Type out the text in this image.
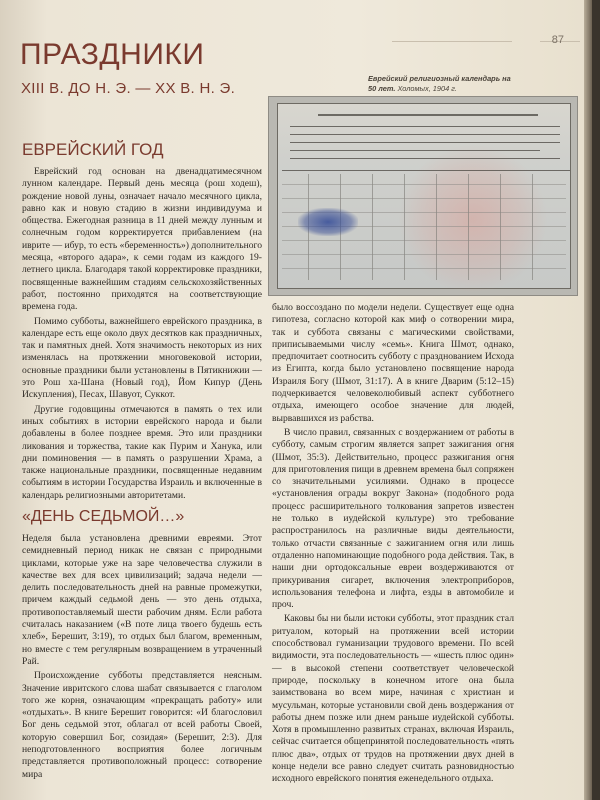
87
ПРАЗДНИКИ
XIII В. ДО Н. Э. — XX В. Н. Э.
Еврейский религиозный календарь на 50 лет. Холомых, 1904 г.
ЕВРЕЙСКИЙ ГОД

Еврейский год основан на двенадцатимесячном лунном календаре. Первый день месяца (рош ходеш), рождение новой луны, означает начало месячного цикла, равно как и новую стадию в жизни индивидуума и общества. Ежегодная разница в 11 дней между лунным и солнечным годом корректируется прибавлением (на иврите — ибур, то есть «беременность») дополнительного месяца, «второго адара», к семи годам из каждого 19-летнего цикла. Благодаря такой корректировке праздники, посвященные важнейшим стадиям сельскохозяйственных работ, постоянно приходятся на соответствующие времена года.

Помимо субботы, важнейшего еврейского праздника, в календаре есть еще около двух десятков как праздничных, так и памятных дней. Хотя значимость некоторых из них изменялась на протяжении многовековой истории, основные праздники были установлены в Пятикнижии — это Рош ха-Шана (Новый год), Йом Кипур (День Искупления), Песах, Шавуот, Суккот.

Другие годовщины отмечаются в память о тех или иных событиях в истории еврейского народа и были добавлены в более позднее время. Это или праздники ликования и торжества, такие как Пурим и Ханука, или дни поминовения — в память о разрушении Храма, а также национальные праздники, посвященные недавним событиям в истории Государства Израиль и включенные в календарь религиозными авторитетами.

«ДЕНЬ СЕДЬМОЙ…»

Неделя была установлена древними евреями. Этот семидневный период никак не связан с природными циклами, которые уже на заре человечества служили в качестве вех для всех цивилизаций; задача недели — делить последовательность дней на равные промежутки, причем каждый седьмой день — это день отдыха, противопоставляемый шести рабочим дням. Если работа считалась наказанием («В поте лица твоего будешь есть хлеб», Берешит, 3:19), то отдых был благом, временным, но вместе с тем регулярным возвращением в утраченный Рай.

Происхождение субботы представляется неясным. Значение ивритского слова шабат связывается с глаголом того же корня, означающим «прекращать работу» или «отдыхать». В книге Берешит говорится: «И благословил Бог день седьмой этот, облагал от всей работы Своей, которую совершил Бог, созидая» (Берешит, 2:3). Для неподготовленного восприятия более логичным представляется противоположный процесс: сотворение мира

было воссоздано по модели недели. Существует еще одна гипотеза, согласно которой как миф о сотворении мира, так и суббота связаны с магическими свойствами, приписываемыми числу «семь». Книга Шмот, однако, предпочитает соотносить субботу с празднованием Исхода из Египта, когда было установлено посвящение народа Израиля Богу (Шмот, 31:17). А в книге Дварим (5:12–15) подчеркивается человеколюбивый аспект субботнего отдыха, имеющего особое значение для людей, вырвавшихся из рабства.

В число правил, связанных с воздержанием от работы в субботу, самым строгим является запрет зажигания огня (Шмот, 35:3). Действительно, процесс разжигания огня для приготовления пищи в древнем времена был сопряжен со значительными усилиями. Однако в процессе «установления ограды вокруг Закона» (подобного рода процесс расширительного толкования запретов известен не только в иудейской культуре) это требование распространилось на различные виды деятельности, только отчасти связанные с зажиганием огня или лишь отдаленно напоминающие подобного рода действия. Так, в наши дни ортодоксальные евреи воздерживаются от прикуривания сигарет, включения электроприборов, использования телефона и лифта, езды в автомобиле и проч.

Каковы бы ни были истоки субботы, этот праздник стал ритуалом, который на протяжении всей истории способствовал гуманизации трудового времени. По всей видимости, эта последовательность — «шесть плюс один» — в высокой степени соответствует человеческой природе, поскольку в конечном итоге она была заимствована во всем мире, начиная с христиан и мусульман, которые установили свой день воздержания от работы днем позже или днем раньше иудейской субботы. Хотя в промышленно развитых странах, включая Израиль, сейчас считается общепринятой последовательность «пять плюс два», отдых от трудов на протяжении двух дней в конце недели все равно следует считать разновидностью исходного еврейского понятия еженедельного отдыха.
